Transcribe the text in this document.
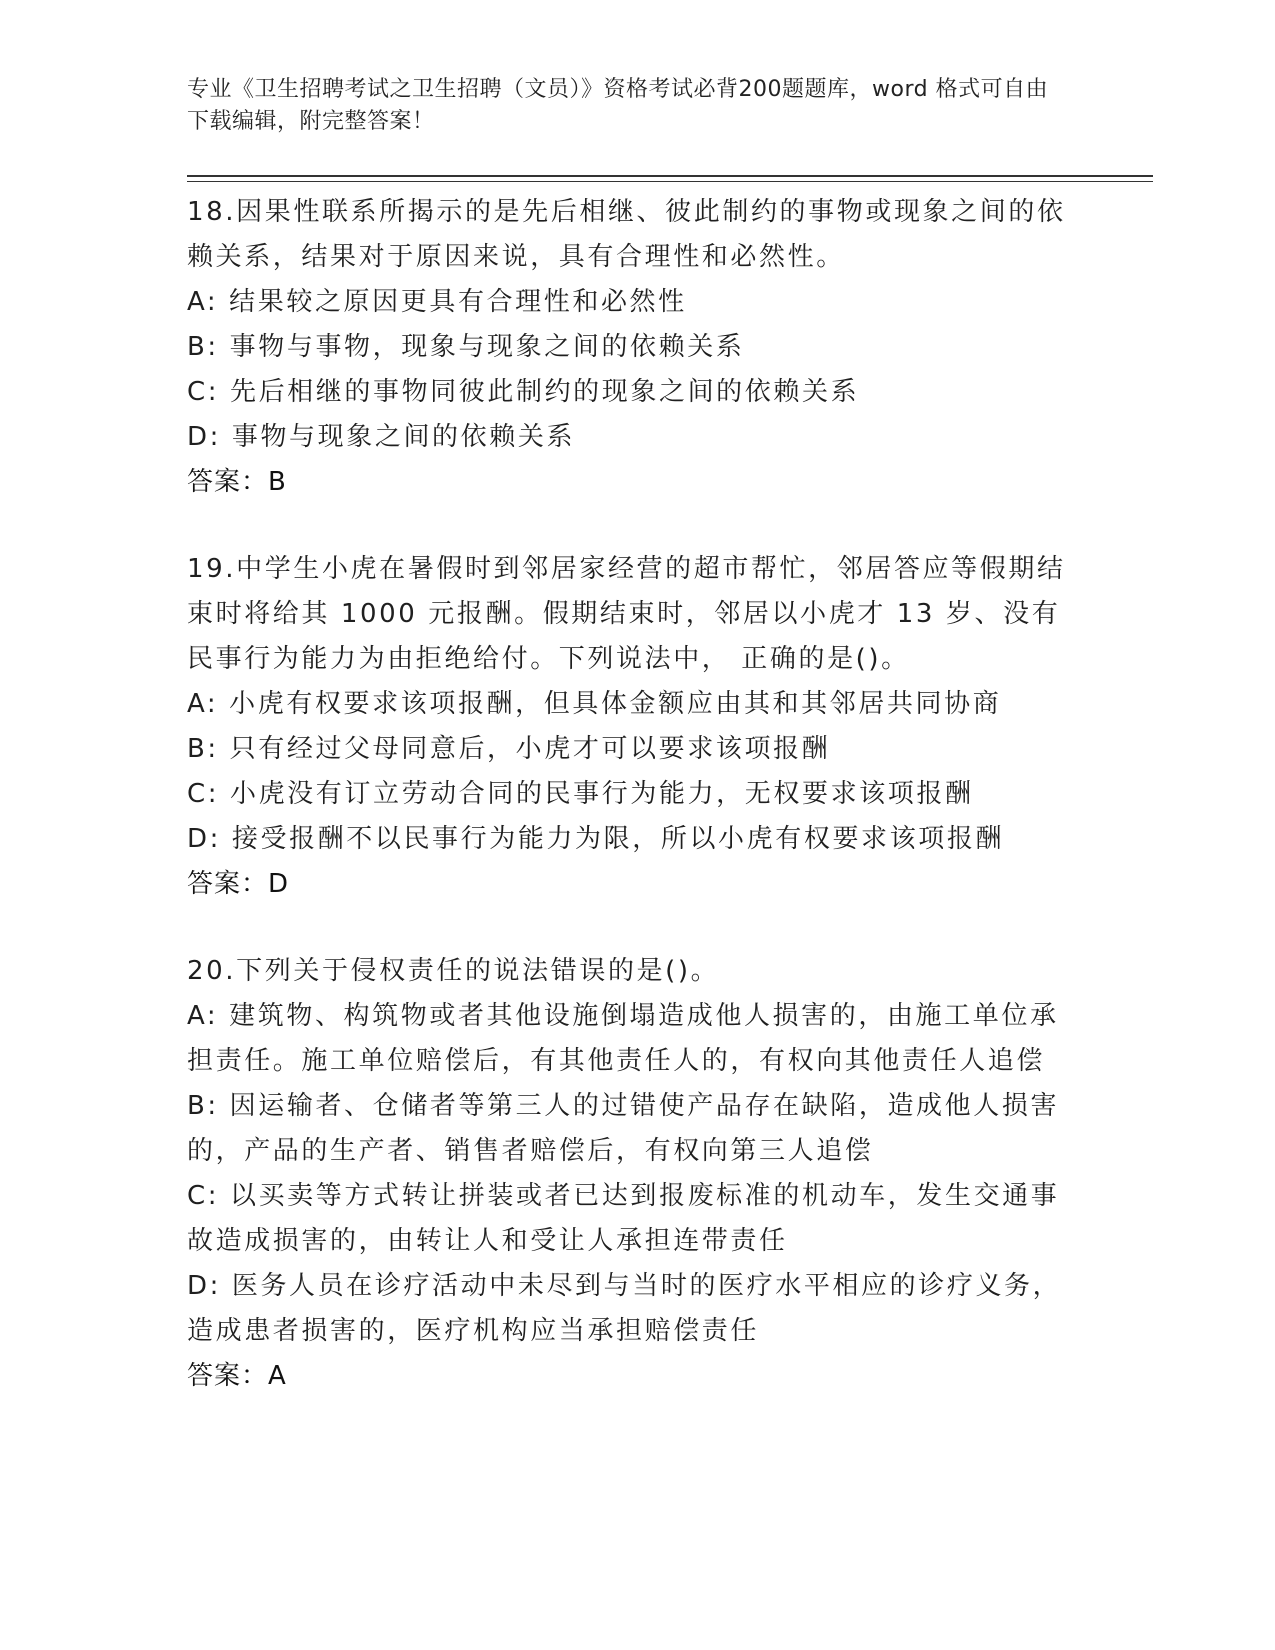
专业《卫生招聘考试之卫生招聘（文员）》资格考试必背200题题库，word 格式可自由下载编辑，附完整答案！
18.因果性联系所揭示的是先后相继、彼此制约的事物或现象之间的依赖关系，结果对于原因来说，具有合理性和必然性。
A: 结果较之原因更具有合理性和必然性
B: 事物与事物，现象与现象之间的依赖关系
C: 先后相继的事物同彼此制约的现象之间的依赖关系
D: 事物与现象之间的依赖关系
答案：B
19.中学生小虎在暑假时到邻居家经营的超市帮忙，邻居答应等假期结束时将给其 1000 元报酬。假期结束时，邻居以小虎才 13 岁、没有民事行为能力为由拒绝给付。下列说法中， 正确的是()。
A: 小虎有权要求该项报酬，但具体金额应由其和其邻居共同协商
B: 只有经过父母同意后，小虎才可以要求该项报酬
C: 小虎没有订立劳动合同的民事行为能力，无权要求该项报酬
D: 接受报酬不以民事行为能力为限，所以小虎有权要求该项报酬
答案：D
20.下列关于侵权责任的说法错误的是()。
A: 建筑物、构筑物或者其他设施倒塌造成他人损害的，由施工单位承担责任。施工单位赔偿后，有其他责任人的，有权向其他责任人追偿
B: 因运输者、仓储者等第三人的过错使产品存在缺陷，造成他人损害的，产品的生产者、销售者赔偿后，有权向第三人追偿
C: 以买卖等方式转让拼装或者已达到报废标准的机动车，发生交通事故造成损害的，由转让人和受让人承担连带责任
D: 医务人员在诊疗活动中未尽到与当时的医疗水平相应的诊疗义务，造成患者损害的，医疗机构应当承担赔偿责任
答案：A
